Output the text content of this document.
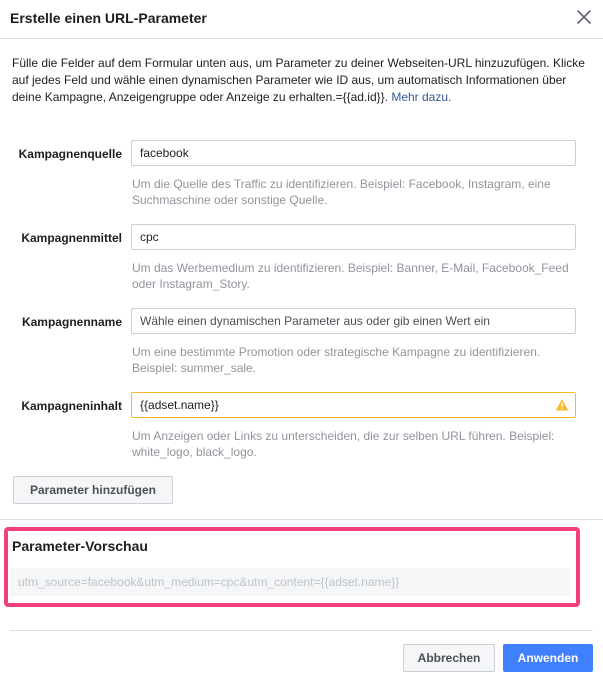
Erstelle einen URL-Parameter
Fülle die Felder auf dem Formular unten aus, um Parameter zu deiner Webseiten-URL hinzuzufügen. Klicke auf jedes Feld und wähle einen dynamischen Parameter wie ID aus, um automatisch Informationen über deine Kampagne, Anzeigengruppe oder Anzeige zu erhalten.={{ad.id}}. Mehr dazu.
Kampagnenquelle	facebook
Um die Quelle des Traffic zu identifizieren. Beispiel: Facebook, Instagram, eine Suchmaschine oder sonstige Quelle.
Kampagnenmittel	cpc
Um das Werbemedium zu identifizieren. Beispiel: Banner, E-Mail, Facebook_Feed oder Instagram_Story.
Kampagnenname	Wähle einen dynamischen Parameter aus oder gib einen Wert ein
Um eine bestimmte Promotion oder strategische Kampagne zu identifizieren. Beispiel: summer_sale.
Kampagneninhalt	{{adset.name}}
Um Anzeigen oder Links zu unterscheiden, die zur selben URL führen. Beispiel: white_logo, black_logo.
Parameter hinzufügen
Parameter-Vorschau
utm_source=facebook&utm_medium=cpc&utm_content={{adset.name}}
Abbrechen	Anwenden
